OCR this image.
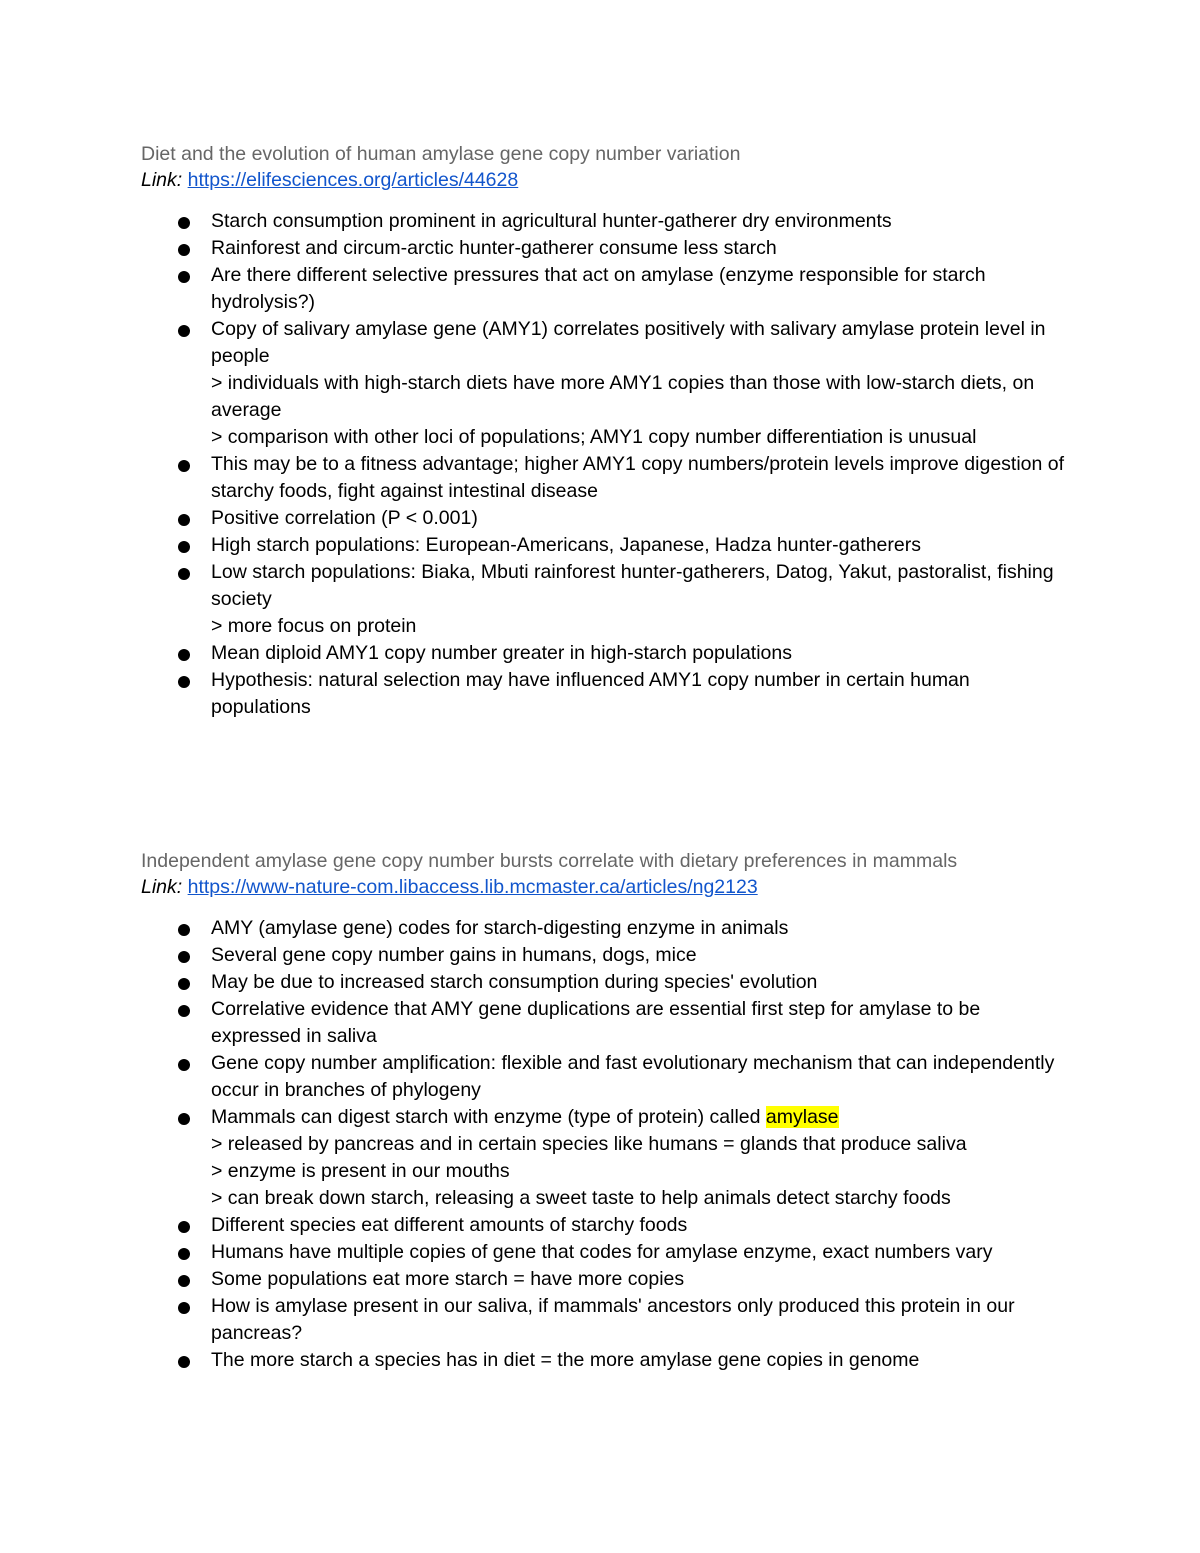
Diet and the evolution of human amylase gene copy number variation
Link: https://elifesciences.org/articles/44628
Starch consumption prominent in agricultural hunter-gatherer dry environments
Rainforest and circum-arctic hunter-gatherer consume less starch
Are there different selective pressures that act on amylase (enzyme responsible for starch hydrolysis?)
Copy of salivary amylase gene (AMY1) correlates positively with salivary amylase protein level in people
> individuals with high-starch diets have more AMY1 copies than those with low-starch diets, on average
> comparison with other loci of populations; AMY1 copy number differentiation is unusual
This may be to a fitness advantage; higher AMY1 copy numbers/protein levels improve digestion of starchy foods, fight against intestinal disease
Positive correlation (P < 0.001)
High starch populations: European-Americans, Japanese, Hadza hunter-gatherers
Low starch populations: Biaka, Mbuti rainforest hunter-gatherers, Datog, Yakut, pastoralist, fishing society
> more focus on protein
Mean diploid AMY1 copy number greater in high-starch populations
Hypothesis: natural selection may have influenced AMY1 copy number in certain human populations
Independent amylase gene copy number bursts correlate with dietary preferences in mammals
Link: https://www-nature-com.libaccess.lib.mcmaster.ca/articles/ng2123
AMY (amylase gene) codes for starch-digesting enzyme in animals
Several gene copy number gains in humans, dogs, mice
May be due to increased starch consumption during species' evolution
Correlative evidence that AMY gene duplications are essential first step for amylase to be expressed in saliva
Gene copy number amplification: flexible and fast evolutionary mechanism that can independently occur in branches of phylogeny
Mammals can digest starch with enzyme (type of protein) called amylase
> released by pancreas and in certain species like humans = glands that produce saliva
> enzyme is present in our mouths
> can break down starch, releasing a sweet taste to help animals detect starchy foods
Different species eat different amounts of starchy foods
Humans have multiple copies of gene that codes for amylase enzyme, exact numbers vary
Some populations eat more starch = have more copies
How is amylase present in our saliva, if mammals' ancestors only produced this protein in our pancreas?
The more starch a species has in diet = the more amylase gene copies in genome
